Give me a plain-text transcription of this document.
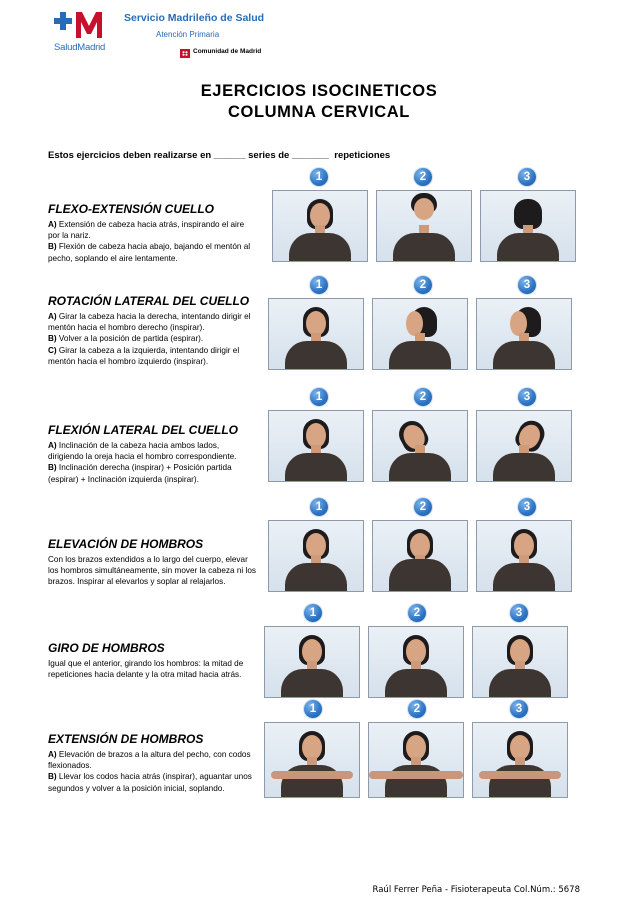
SaludMadrid
Servicio Madrileño de Salud
Atención Primaria
Comunidad de Madrid
EJERCICIOS ISOCINETICOS
COLUMNA CERVICAL
Estos ejercicios deben realizarse en ______ series de _______  repeticiones
FLEXO-EXTENSIÓN CUELLO

A) Extensión de cabeza hacia atrás, inspirando el aire por la nariz.
B) Flexión de cabeza hacia abajo, bajando el mentón al pecho, soplando el aire lentamente.

ROTACIÓN LATERAL DEL CUELLO

A) Girar la cabeza hacia la derecha, intentando dirigir el mentón hacia el hombro derecho (inspirar).
B) Volver a la posición de partida (espirar).
C) Girar la cabeza a la izquierda, intentando dirigir el mentón hacia el hombro izquierdo (inspirar).

FLEXIÓN LATERAL DEL CUELLO

A) Inclinación de la cabeza hacia ambos lados, dirigiendo la oreja hacia el hombro correspondiente.
B) Inclinación derecha (inspirar) + Posición partida (espirar) + Inclinación izquierda (inspirar).

ELEVACIÓN DE HOMBROS

Con los brazos extendidos a lo largo del cuerpo, elevar los hombros simultáneamente, sin mover la cabeza ni los brazos. Inspirar al elevarlos y soplar al relajarlos.

GIRO DE HOMBROS

Igual que el anterior, girando los hombros: la mitad de repeticiones hacia delante y la otra mitad hacia atrás.

EXTENSIÓN DE HOMBROS

A) Elevación de brazos a la altura del pecho, con codos flexionados.
B) Llevar los codos hacia atrás (inspirar), aguantar unos segundos y volver a la posición inicial, soplando.

1	2	3
1	2	3
1	2	3
1	2	3
1	2	3
1	2	3
Raúl Ferrer Peña - Fisioterapeuta Col.Núm.: 5678
